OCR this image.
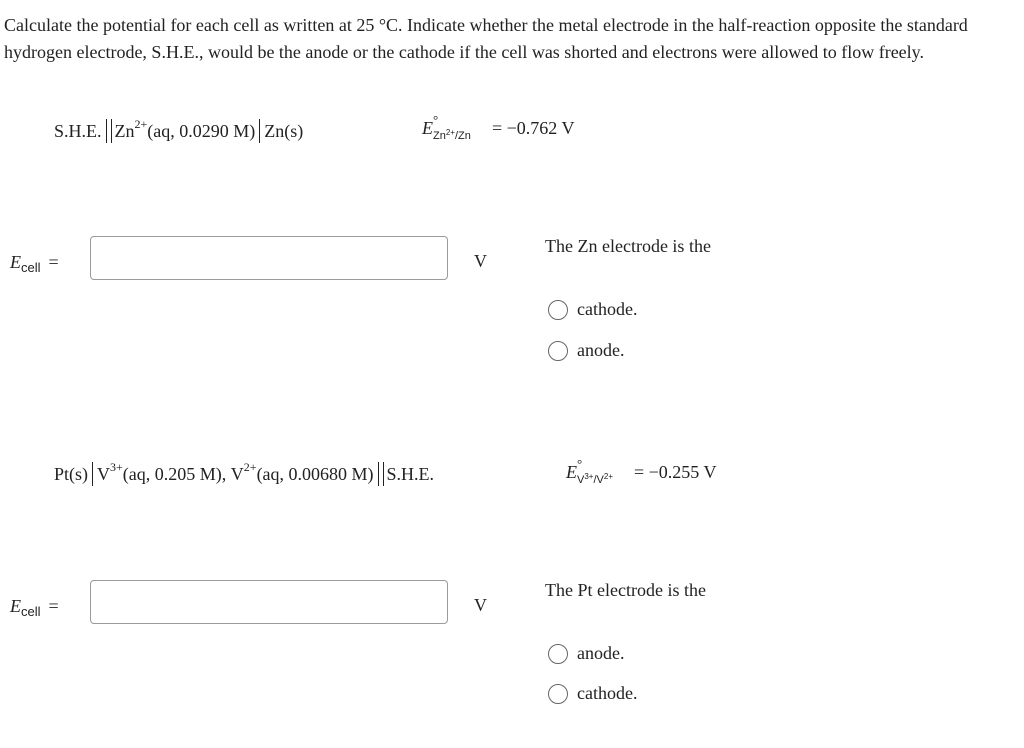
Calculate the potential for each cell as written at 25 °C. Indicate whether the metal electrode in the half-reaction opposite the standard hydrogen electrode, S.H.E., would be the anode or the cathode if the cell was shorted and electrons were allowed to flow freely.
S.H.E. $Zn^{2+}$ (aq, 0.0290 M) Zn(s)	E °
$Zn^{2+}/Zn = -0.762$ V
$E_{cell}$ =	V
The Zn electrode is the
cathode.
anode.
Pt(s) $V^{3+}$ (aq, 0.205 M), $V^{2+}$ (aq, 0.00680 M) S.H.E.	E °
$V^{3+}/V^{2+} = -0.255$ V
$E_{cell}$ =	V
The Pt electrode is the
anode.
cathode.
